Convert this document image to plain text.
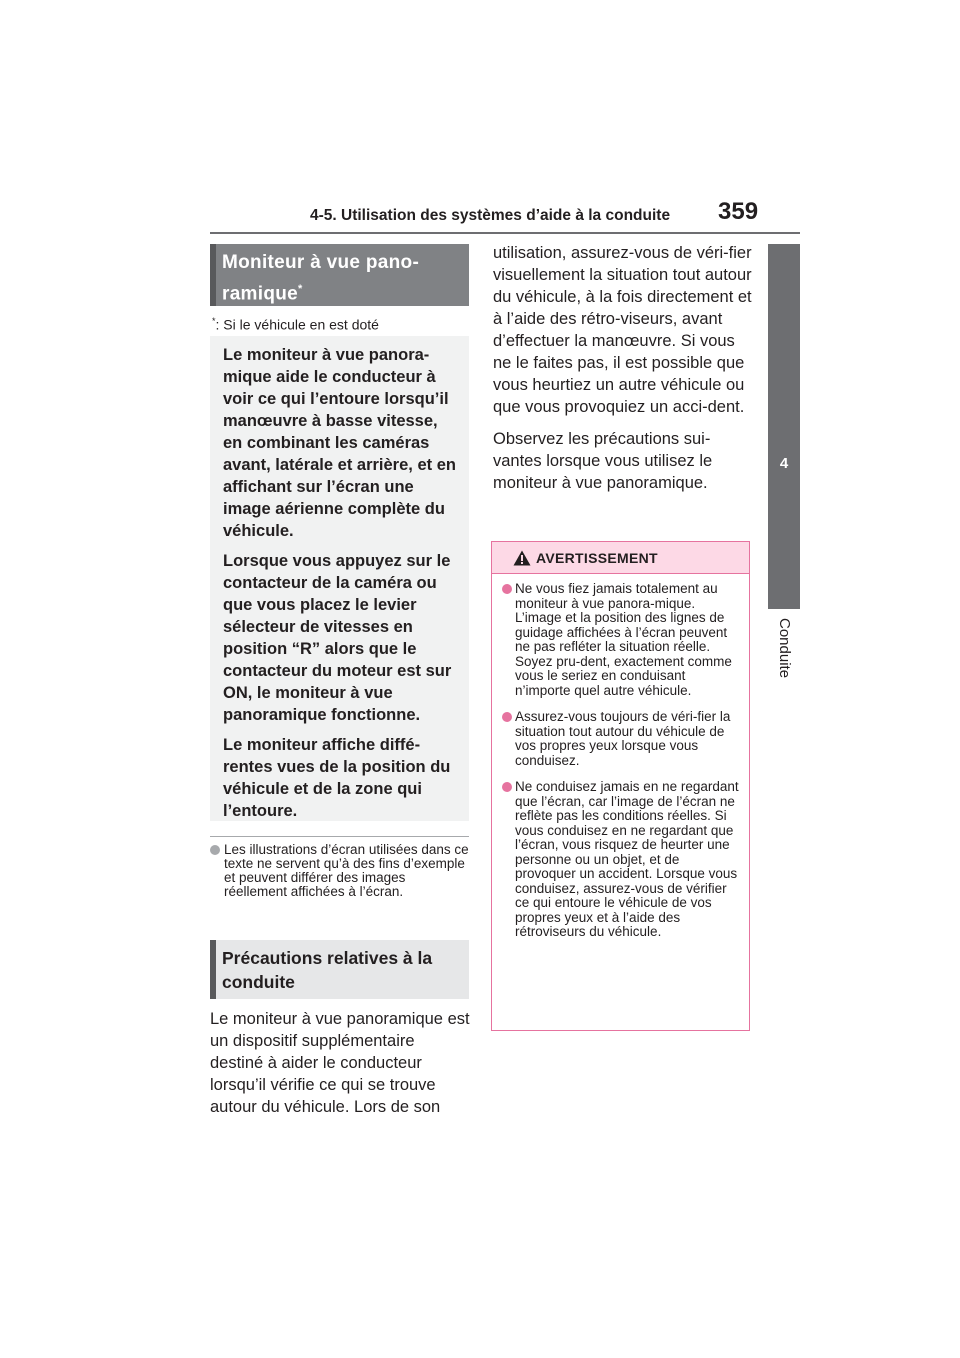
4-5. Utilisation des systèmes d’aide à la conduite	359
4
Conduite
Moniteur à vue pano-
ramique*
*: Si le véhicule en est doté

Le moniteur à vue panora-mique aide le conducteur à voir ce qui l’entoure lorsqu’il manœuvre à basse vitesse, en combinant les caméras avant, latérale et arrière, et en affichant sur l’écran une image aérienne complète du véhicule.

Lorsque vous appuyez sur le contacteur de la caméra ou que vous placez le levier sélecteur de vitesses en position “R” alors que le contacteur du moteur est sur ON, le moniteur à vue panoramique fonctionne.

Le moniteur affiche diffé-rentes vues de la position du véhicule et de la zone qui l’entoure.

Les illustrations d’écran utilisées dans ce texte ne servent qu’à des fins d’exemple et peuvent différer des images réellement affichées à l’écran.
Précautions relatives à la
conduite

Le moniteur à vue panoramique est un dispositif supplémentaire destiné à aider le conducteur lorsqu’il vérifie ce qui se trouve autour du véhicule. Lors de son

utilisation, assurez-vous de véri-fier visuellement la situation tout autour du véhicule, à la fois directement et à l’aide des rétro-viseurs, avant d’effectuer la manœuvre. Si vous ne le faites pas, il est possible que vous heurtiez un autre véhicule ou que vous provoquiez un acci-dent.

Observez les précautions sui-vantes lorsque vous utilisez le moniteur à vue panoramique.

AVERTISSEMENT
Ne vous fiez jamais totalement au moniteur à vue panora-mique. L’image et la position des lignes de guidage affichées à l’écran peuvent ne pas refléter la situation réelle. Soyez pru-dent, exactement comme vous le seriez en conduisant n’importe quel autre véhicule.
Assurez-vous toujours de véri-fier la situation tout autour du véhicule de vos propres yeux lorsque vous conduisez.
Ne conduisez jamais en ne regardant que l’écran, car l’image de l’écran ne reflète pas les conditions réelles. Si vous conduisez en ne regardant que l’écran, vous risquez de heurter une personne ou un objet, et de provoquer un accident. Lorsque vous conduisez, assurez-vous de vérifier ce qui entoure le véhicule de vos propres yeux et à l’aide des rétroviseurs du véhicule.
